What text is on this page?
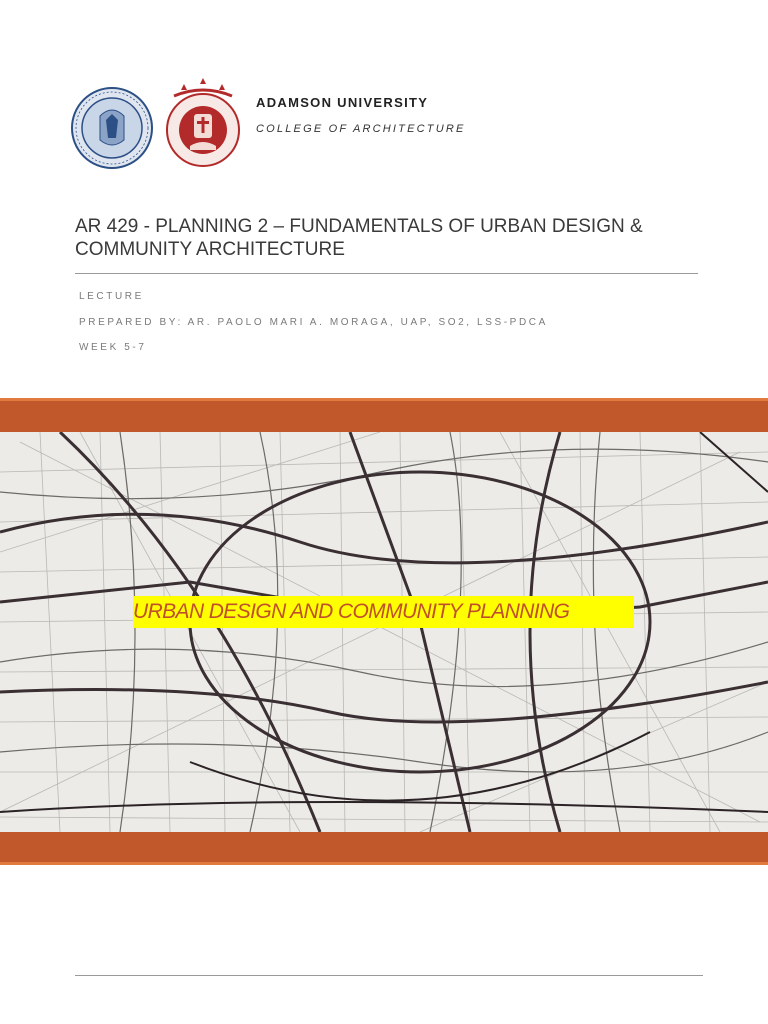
ADAMSON UNIVERSITY
COLLEGE OF ARCHITECTURE
AR 429 - PLANNING 2 – FUNDAMENTALS OF URBAN DESIGN & COMMUNITY ARCHITECTURE
LECTURE
PREPARED BY: AR. PAOLO MARI A. MORAGA, UAP, SO2, LSS-PDCA
WEEK 5-7
URBAN DESIGN AND COMMUNITY PLANNING
